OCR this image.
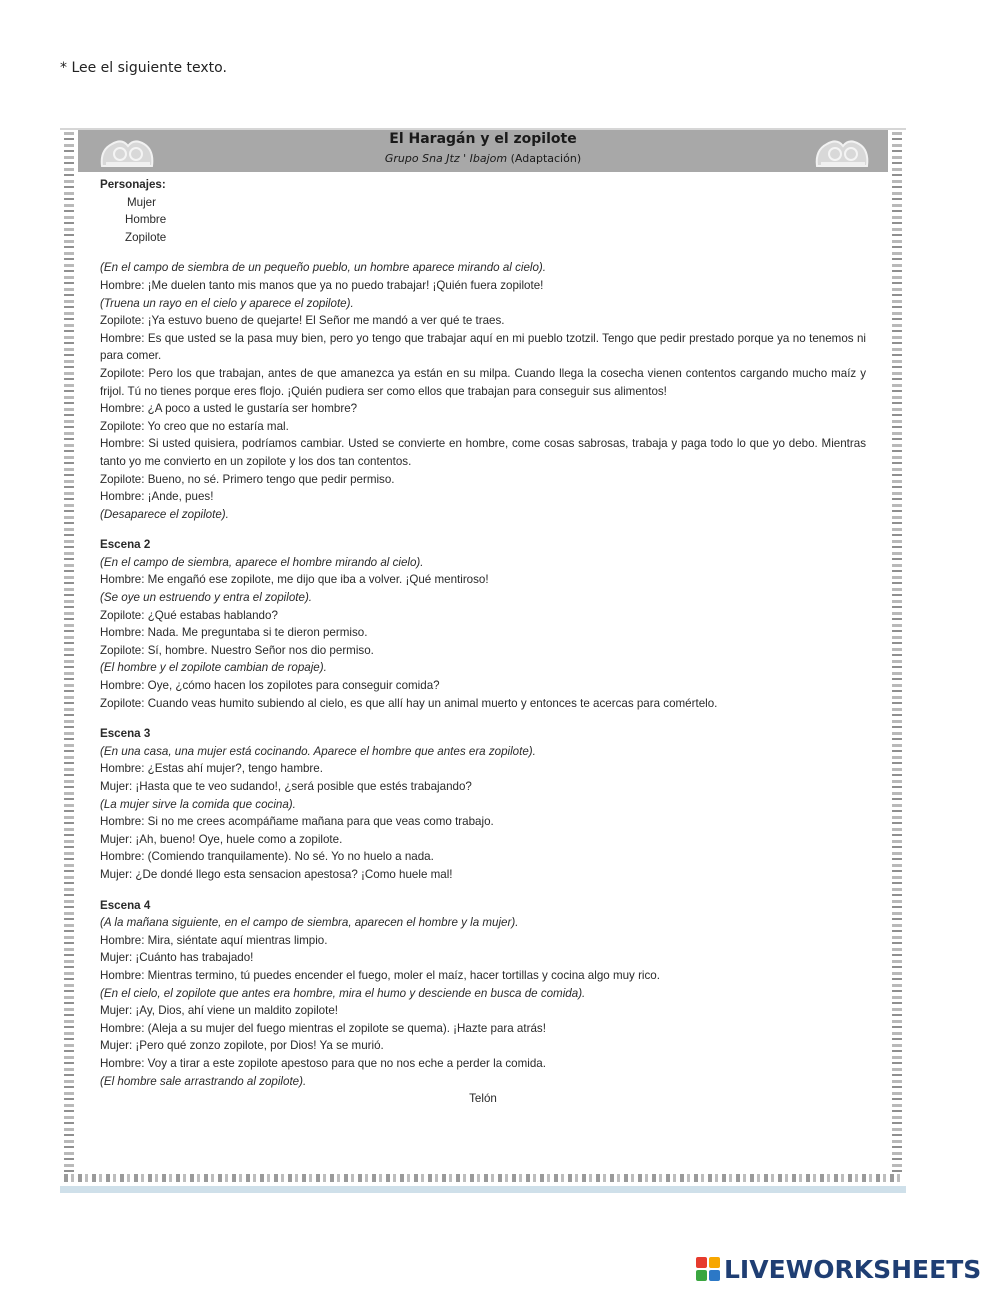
* Lee el siguiente texto.
El Haragán y el zopilote
Grupo Sna Jtz ' Ibajom (Adaptación)

Personajes:

Mujer

Hombre

Zopilote

(En el campo de siembra de un pequeño pueblo, un hombre aparece mirando al cielo).

Hombre: ¡Me duelen tanto mis manos que ya no puedo trabajar! ¡Quién fuera zopilote!

(Truena un rayo en el cielo y aparece el zopilote).

Zopilote: ¡Ya estuvo bueno de quejarte! El Señor me mandó a ver qué te traes.

Hombre: Es que usted se la pasa muy bien, pero yo tengo que trabajar aquí en mi pueblo tzotzil. Tengo que pedir prestado porque ya no tenemos ni para comer.

Zopilote: Pero los que trabajan, antes de que amanezca ya están en su milpa. Cuando llega la cosecha vienen contentos cargando mucho maíz y frijol. Tú no tienes porque eres flojo. ¡Quién pudiera ser como ellos que trabajan para conseguir sus alimentos!

Hombre: ¿A poco a usted le gustaría ser hombre?

Zopilote: Yo creo que no estaría mal.

Hombre: Si usted quisiera, podríamos cambiar. Usted se convierte en hombre, come cosas sabrosas, trabaja y paga todo lo que yo debo. Mientras tanto yo me convierto en un zopilote y los dos tan contentos.

Zopilote: Bueno, no sé. Primero tengo que pedir permiso.

Hombre: ¡Ande, pues!

(Desaparece el zopilote).

Escena 2

(En el campo de siembra, aparece el hombre mirando al cielo).

Hombre: Me engañó ese zopilote, me dijo que iba a volver. ¡Qué mentiroso!

(Se oye un estruendo y entra el zopilote).

Zopilote: ¿Qué estabas hablando?

Hombre: Nada. Me preguntaba si te dieron permiso.

Zopilote: Sí, hombre. Nuestro Señor nos dio permiso.

(El hombre y el zopilote cambian de ropaje).

Hombre: Oye, ¿cómo hacen los zopilotes para conseguir comida?

Zopilote: Cuando veas humito subiendo al cielo, es que allí hay un animal muerto y entonces te acercas para comértelo.

Escena 3

(En una casa, una mujer está cocinando. Aparece el hombre que antes era zopilote).

Hombre: ¿Estas ahí mujer?, tengo hambre.

Mujer: ¡Hasta que te veo sudando!, ¿será posible que estés trabajando?

(La mujer sirve la comida que cocina).

Hombre: Si no me crees acompáñame mañana para que veas como trabajo.

Mujer: ¡Ah, bueno! Oye, huele como a zopilote.

Hombre: (Comiendo tranquilamente). No sé. Yo no huelo a nada.

Mujer: ¿De dondé llego esta sensacion apestosa? ¡Como huele mal!

Escena 4

(A la mañana siguiente, en el campo de siembra, aparecen el hombre y la mujer).

Hombre: Mira, siéntate aquí mientras limpio.

Mujer: ¡Cuánto has trabajado!

Hombre: Mientras termino, tú puedes encender el fuego, moler el maíz, hacer tortillas y cocina algo muy rico.

(En el cielo, el zopilote que antes era hombre, mira el humo y desciende en busca de comida).

Mujer: ¡Ay, Dios, ahí viene un maldito zopilote!

Hombre: (Aleja a su mujer del fuego mientras el zopilote se quema). ¡Hazte para atrás!

Mujer: ¡Pero qué zonzo zopilote, por Dios! Ya se murió.

Hombre: Voy a tirar a este zopilote apestoso para que no nos eche a perder la comida.

(El hombre sale arrastrando al zopilote).

Telón

LIVEWORKSHEETS
